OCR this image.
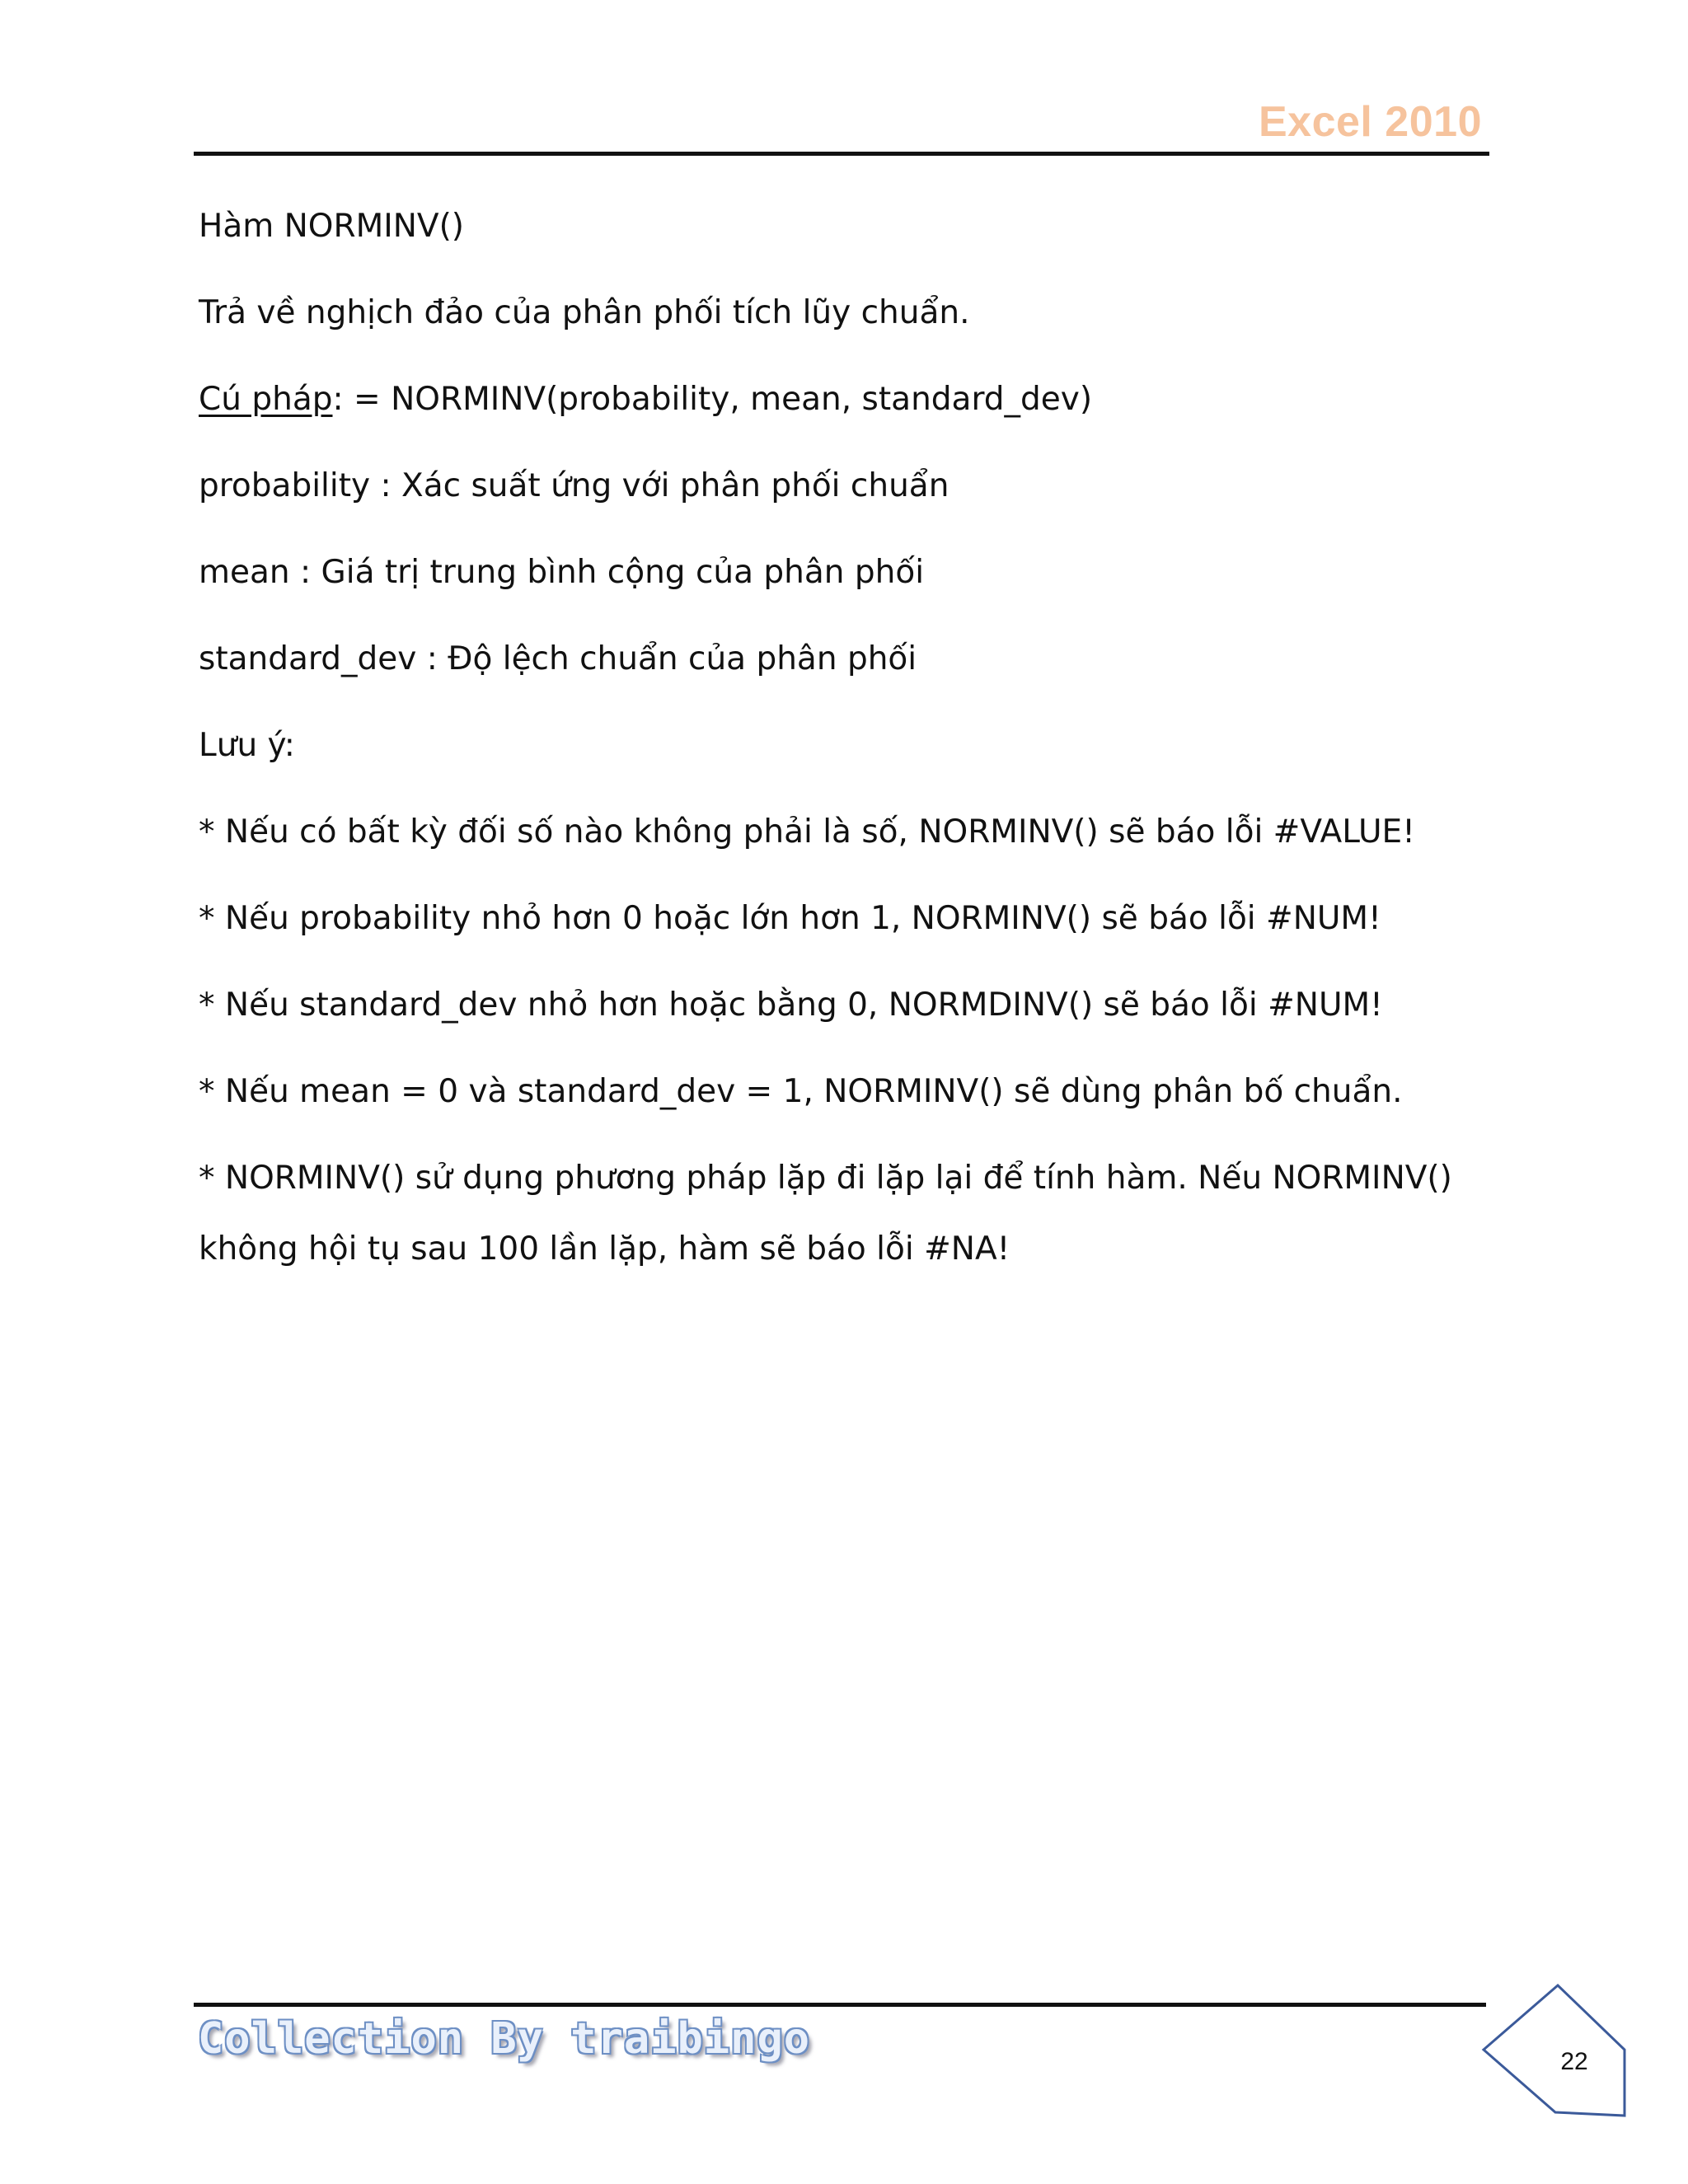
Excel 2010
Hàm NORMINV()
Trả về nghịch đảo của phân phối tích lũy chuẩn.
Cú pháp: = NORMINV(probability, mean, standard_dev)
probability : Xác suất ứng với phân phối chuẩn
mean : Giá trị trung bình cộng của phân phối
standard_dev : Độ lệch chuẩn của phân phối
Lưu ý:
* Nếu có bất kỳ đối số nào không phải là số, NORMINV() sẽ báo lỗi #VALUE!
* Nếu probability nhỏ hơn 0 hoặc lớn hơn 1, NORMINV() sẽ báo lỗi #NUM!
* Nếu standard_dev nhỏ hơn hoặc bằng 0, NORMDINV() sẽ báo lỗi #NUM!
* Nếu mean = 0 và standard_dev = 1, NORMINV() sẽ dùng phân bố chuẩn.
* NORMINV() sử dụng phương pháp lặp đi lặp lại để tính hàm. Nếu NORMINV() không hội tụ sau 100 lần lặp, hàm sẽ báo lỗi #NA!
Collection By traibingo	22
